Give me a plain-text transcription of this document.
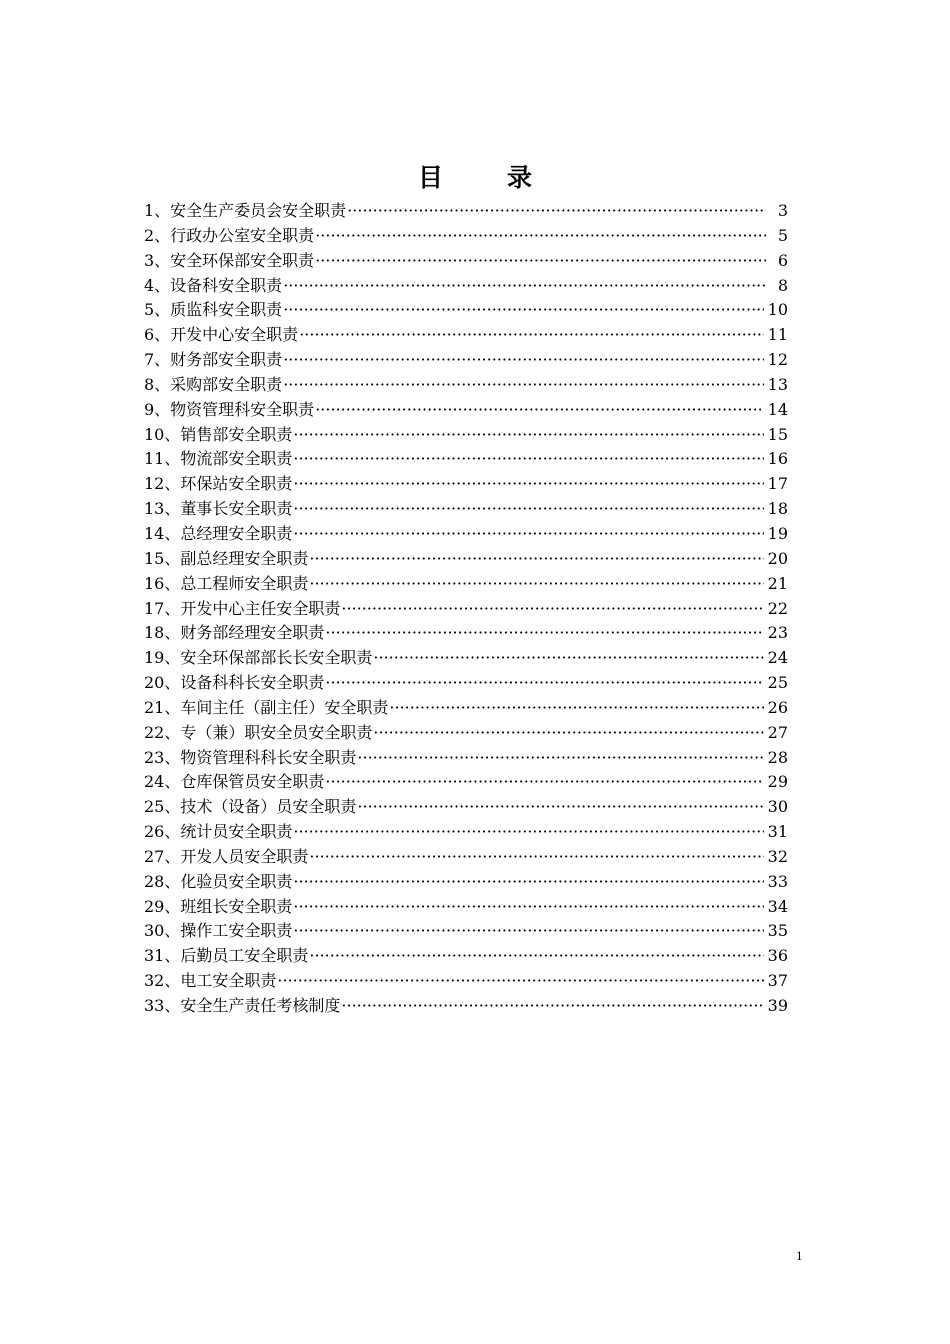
目	录
1、安全生产委员会安全职责 ·····	3
2、行政办公室安全职责 ·····	5
3、安全环保部安全职责 ·····	6
4、设备科安全职责 ·····	8
5、质监科安全职责 ·····	10
6、开发中心安全职责 ·····	11
7、财务部安全职责 ·····	12
8、采购部安全职责 ·····	13
9、物资管理科安全职责 ·····	14
10、销售部安全职责 ·····	15
11、物流部安全职责 ·····	16
12、环保站安全职责 ·····	17
13、董事长安全职责 ·····	18
14、总经理安全职责 ·····	19
15、副总经理安全职责 ·····	20
16、总工程师安全职责 ·····	21
17、开发中心主任安全职责 ·····	22
18、财务部经理安全职责 ·····	23
19、安全环保部部长长安全职责 ·····	24
20、设备科科长安全职责 ·····	25
21、车间主任（副主任）安全职责 ·····	26
22、专（兼）职安全员安全职责 ·····	27
23、物资管理科科长安全职责 ·····	28
24、仓库保管员安全职责 ·····	29
25、技术（设备）员安全职责 ·····	30
26、统计员安全职责 ·····	31
27、开发人员安全职责 ·····	32
28、化验员安全职责 ·····	33
29、班组长安全职责 ·····	34
30、操作工安全职责 ·····	35
31、后勤员工安全职责 ·····	36
32、电工安全职责 ·····	37
33、安全生产责任考核制度 ·····	39
1
